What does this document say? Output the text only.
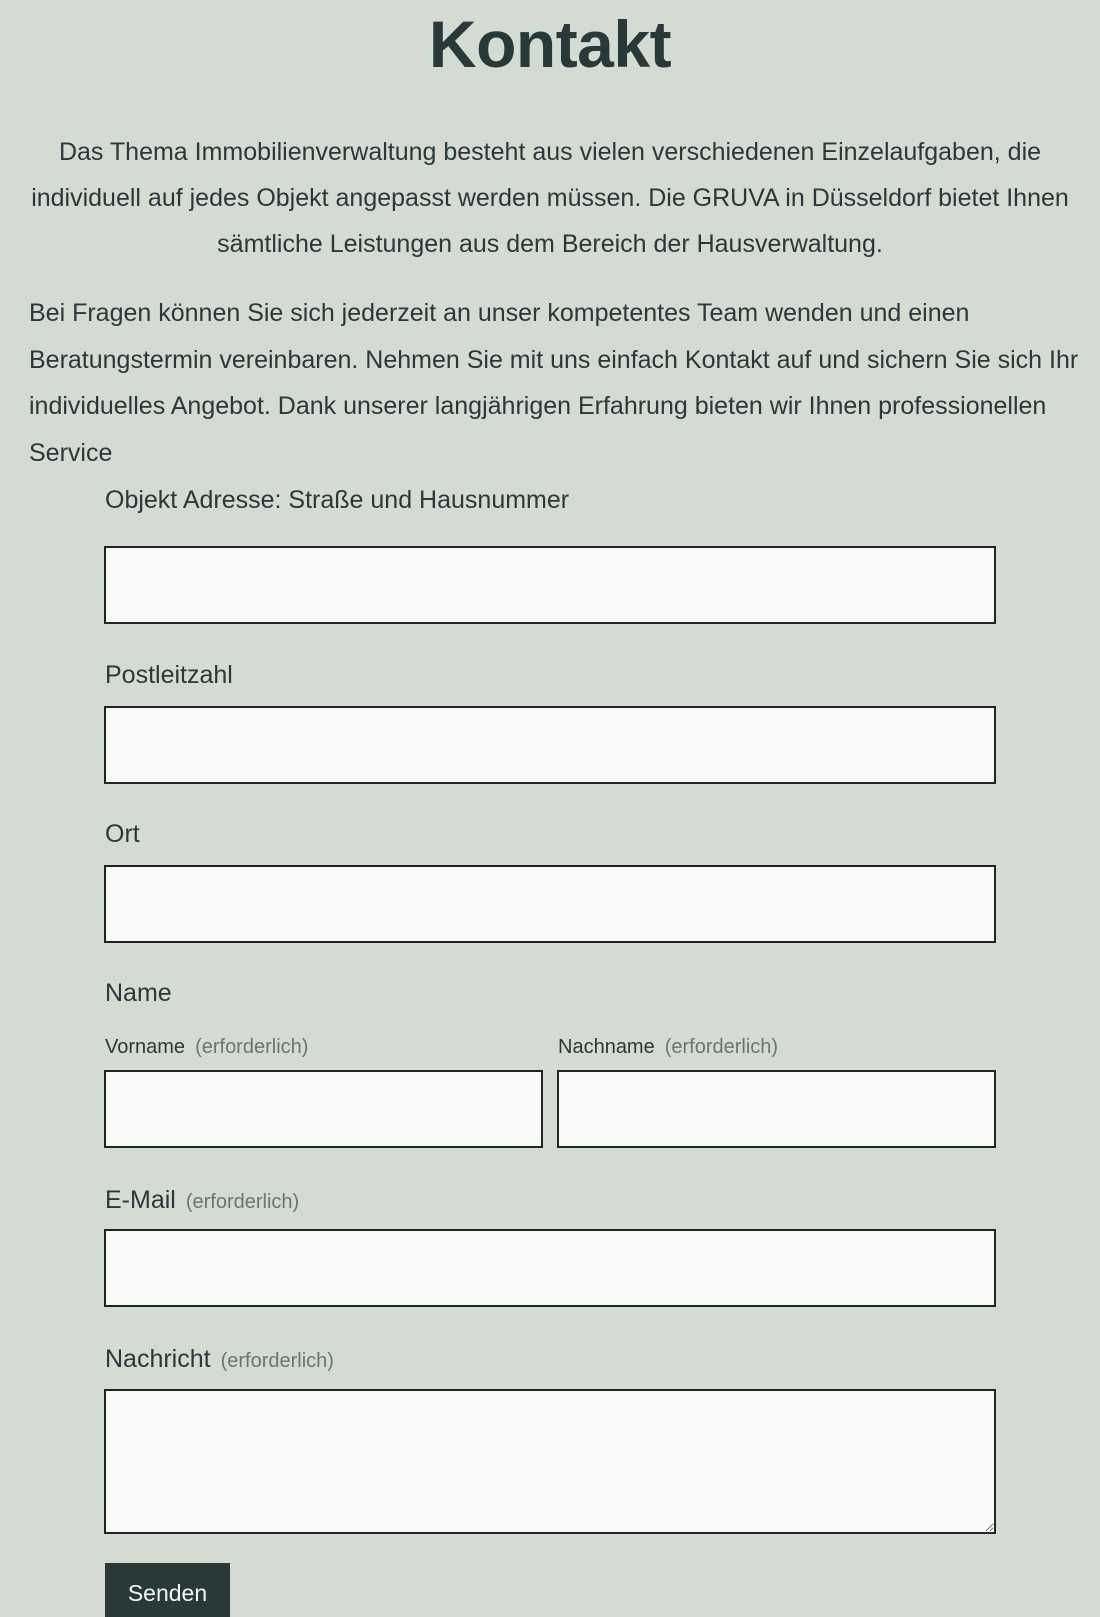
Kontakt

Das Thema Immobilienverwaltung besteht aus vielen verschiedenen Einzelaufgaben, die individuell auf jedes Objekt angepasst werden müssen. Die GRUVA in Düsseldorf bietet Ihnen sämtliche Leistungen aus dem Bereich der Hausverwaltung.

Bei Fragen können Sie sich jederzeit an unser kompetentes Team wenden und einen Beratungstermin vereinbaren. Nehmen Sie mit uns einfach Kontakt auf und sichern Sie sich Ihr individuelles Angebot. Dank unserer langjährigen Erfahrung bieten wir Ihnen professionellen Service

Objekt Adresse: Straße und Hausnummer
Postleitzahl
Ort
Name
Vorname (erforderlich)	Nachname (erforderlich)
E-Mail (erforderlich)
Nachricht (erforderlich)
Senden
